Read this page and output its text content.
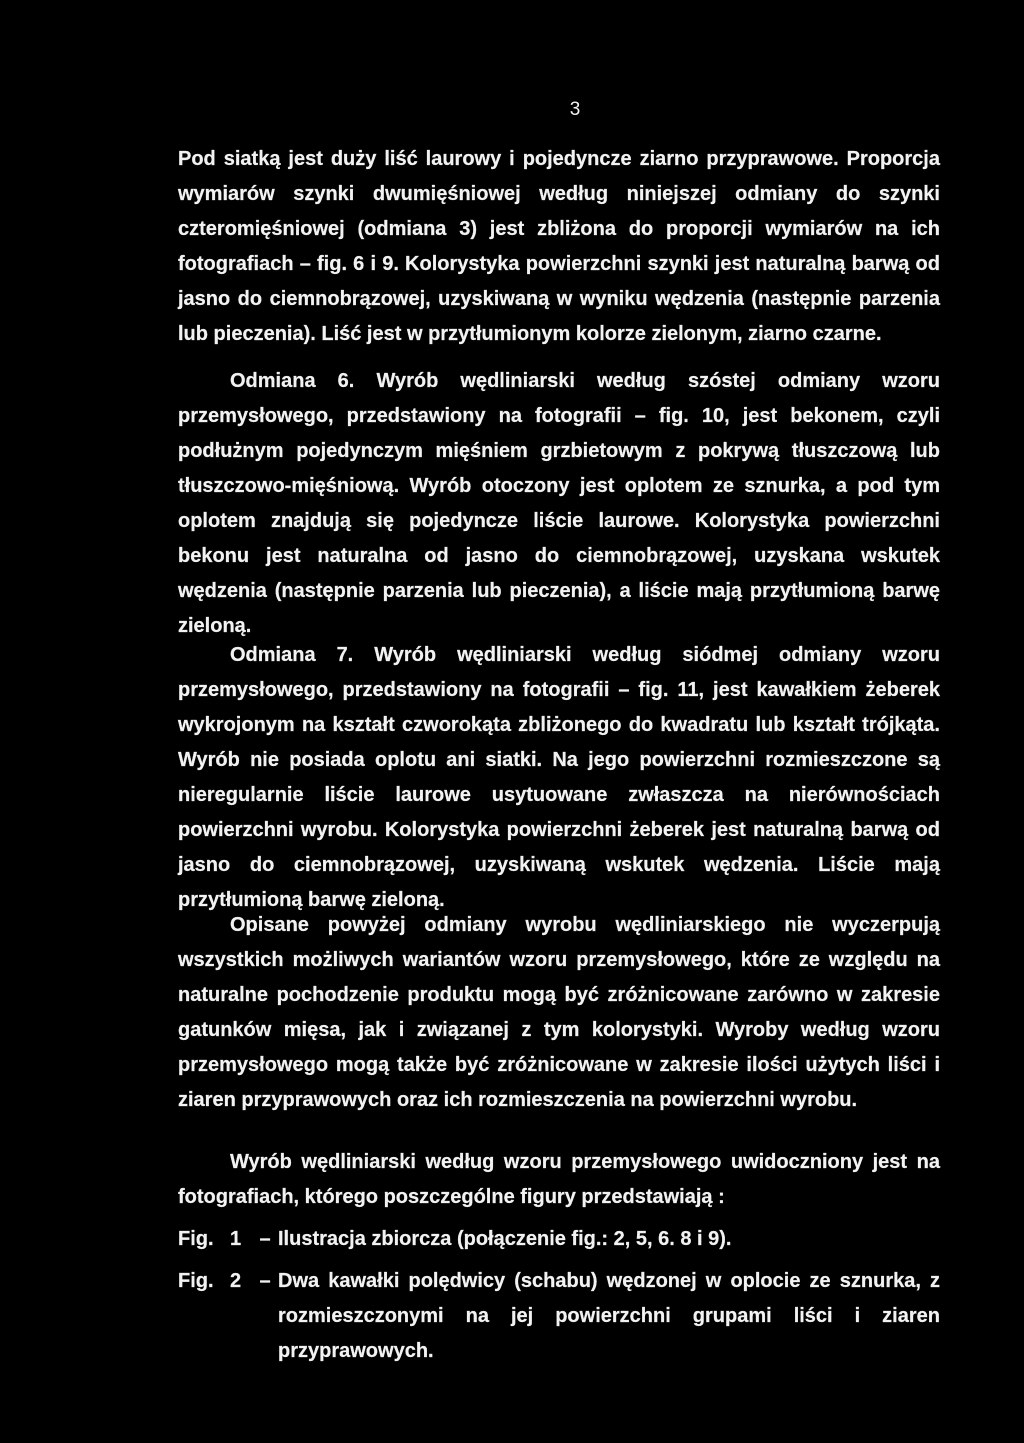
3

Pod siatką jest duży liść laurowy i pojedyncze ziarno przyprawowe. Proporcja wymiarów szynki dwumięśniowej według niniejszej odmiany do szynki czteromięśniowej (odmiana 3) jest zbliżona do proporcji wymiarów na ich fotografiach – fig. 6 i 9. Kolorystyka powierzchni szynki jest naturalną barwą od jasno do ciemnobrązowej, uzyskiwaną w wyniku wędzenia (następnie parzenia lub pieczenia). Liść jest w przytłumionym kolorze zielonym, ziarno czarne.

Odmiana 6. Wyrób wędliniarski według szóstej odmiany wzoru przemysłowego, przedstawiony na fotografii – fig. 10, jest bekonem, czyli podłużnym pojedynczym mięśniem grzbietowym z pokrywą tłuszczową lub tłuszczowo-mięśniową. Wyrób otoczony jest oplotem ze sznurka, a pod tym oplotem znajdują się pojedyncze liście laurowe. Kolorystyka powierzchni bekonu jest naturalna od jasno do ciemnobrązowej, uzyskana wskutek wędzenia (następnie parzenia lub pieczenia), a liście mają przytłumioną barwę zieloną.

Odmiana 7. Wyrób wędliniarski według siódmej odmiany wzoru przemysłowego, przedstawiony na fotografii – fig. 11, jest kawałkiem żeberek wykrojonym na kształt czworokąta zbliżonego do kwadratu lub kształt trójkąta. Wyrób nie posiada oplotu ani siatki. Na jego powierzchni rozmieszczone są nieregularnie liście laurowe usytuowane zwłaszcza na nierównościach powierzchni wyrobu. Kolorystyka powierzchni żeberek jest naturalną barwą od jasno do ciemnobrązowej, uzyskiwaną wskutek wędzenia. Liście mają przytłumioną barwę zieloną.

Opisane powyżej odmiany wyrobu wędliniarskiego nie wyczerpują wszystkich możliwych wariantów wzoru przemysłowego, które ze względu na naturalne pochodzenie produktu mogą być zróżnicowane zarówno w zakresie gatunków mięsa, jak i związanej z tym kolorystyki. Wyroby według wzoru przemysłowego mogą także być zróżnicowane w zakresie ilości użytych liści i ziaren przyprawowych oraz ich rozmieszczenia na powierzchni wyrobu.

Wyrób wędliniarski według wzoru przemysłowego uwidoczniony jest na fotografiach, którego poszczególne figury przedstawiają :

Fig. 1 – Ilustracja zbiorcza (połączenie fig.: 2, 5, 6. 8 i 9).
Fig. 2 – Dwa kawałki polędwicy (schabu) wędzonej w oplocie ze sznurka, z rozmieszczonymi na jej powierzchni grupami liści i ziaren przyprawowych.
